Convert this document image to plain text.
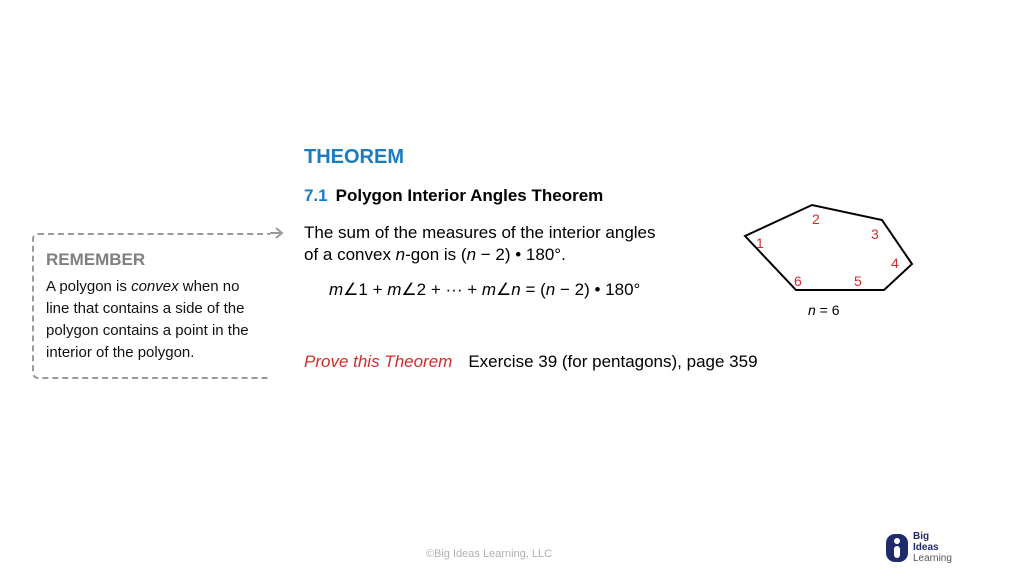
THEOREM
7.1 Polygon Interior Angles Theorem
The sum of the measures of the interior angles
of a convex n-gon is (n − 2) • 180°.
m∠1 + m∠2 + ··· + m∠n = (n − 2) • 180°
Prove this Theorem Exercise 39 (for pentagons), page 359
REMEMBER
A polygon is convex when no line that contains a side of the polygon contains a point in the interior of the polygon.
1
2
3
4
5
6
n = 6
©Big Ideas Learning, LLC
Big
Ideas
Learning
